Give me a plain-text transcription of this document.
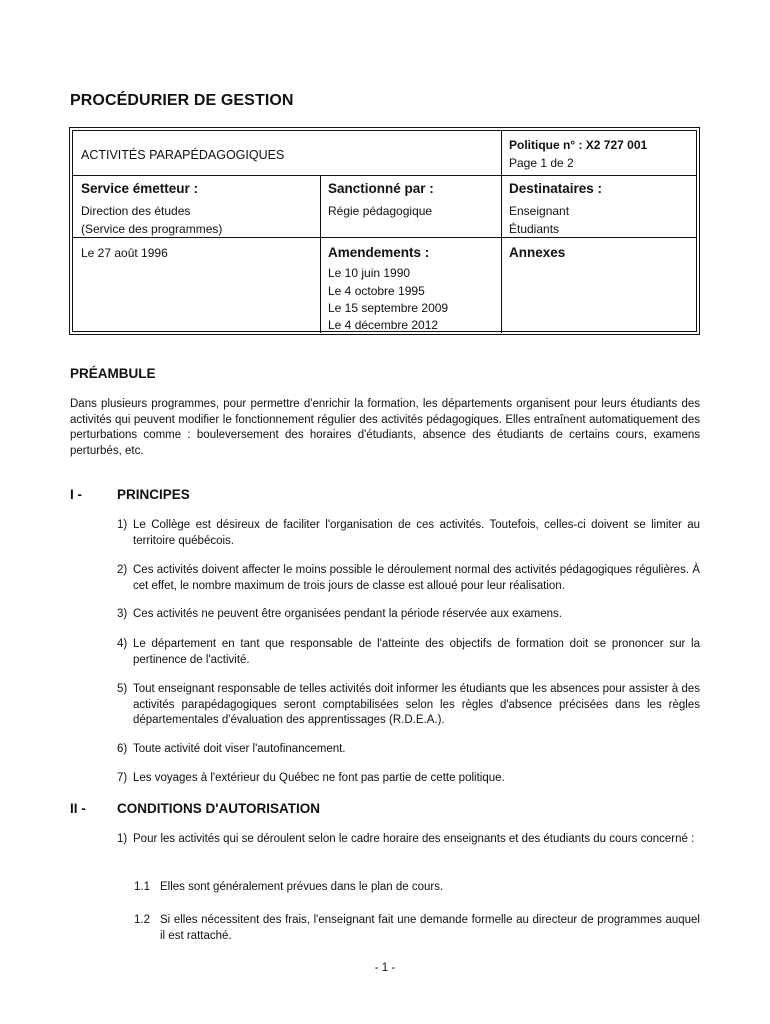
PROCÉDURIER DE GESTION
ACTIVITÉS PARAPÉDAGOGIQUES
Politique n° : X2 727 001
Page 1 de 2
Service émetteur :
Direction des études
(Service des programmes)
Sanctionné par :
Régie pédagogique
Destinataires :
Enseignant
Étudiants
Le 27 août 1996	Amendements :
Le 10 juin 1990
Le 4 octobre 1995
Le 15 septembre 2009
Le 4 décembre 2012
Annexes
PRÉAMBULE
Dans plusieurs programmes, pour permettre d'enrichir la formation, les départements organisent pour leurs étudiants des activités qui peuvent modifier le fonctionnement régulier des activités pédagogiques. Elles entraînent automatiquement des perturbations comme : bouleversement des horaires d'étudiants, absence des étudiants de certains cours, examens perturbés, etc.
I -	PRINCIPES
1) Le Collège est désireux de faciliter l'organisation de ces activités. Toutefois, celles-ci doivent se limiter au territoire québécois.
2) Ces activités doivent affecter le moins possible le déroulement normal des activités pédagogiques régulières. À cet effet, le nombre maximum de trois jours de classe est alloué pour leur réalisation.
3) Ces activités ne peuvent être organisées pendant la période réservée aux examens.
4) Le département en tant que responsable de l'atteinte des objectifs de formation doit se prononcer sur la pertinence de l'activité.
5) Tout enseignant responsable de telles activités doit informer les étudiants que les absences pour assister à des activités parapédagogiques seront comptabilisées selon les règles d'absence précisées dans les règles départementales d'évaluation des apprentissages (R.D.E.A.).
6) Toute activité doit viser l'autofinancement.
7) Les voyages à l'extérieur du Québec ne font pas partie de cette politique.
II - CONDITIONS D'AUTORISATION
1) Pour les activités qui se déroulent selon le cadre horaire des enseignants et des étudiants du cours concerné :
1.1 Elles sont généralement prévues dans le plan de cours.
1.2 Si elles nécessitent des frais, l'enseignant fait une demande formelle au directeur de programmes auquel il est rattaché.
- 1 -
